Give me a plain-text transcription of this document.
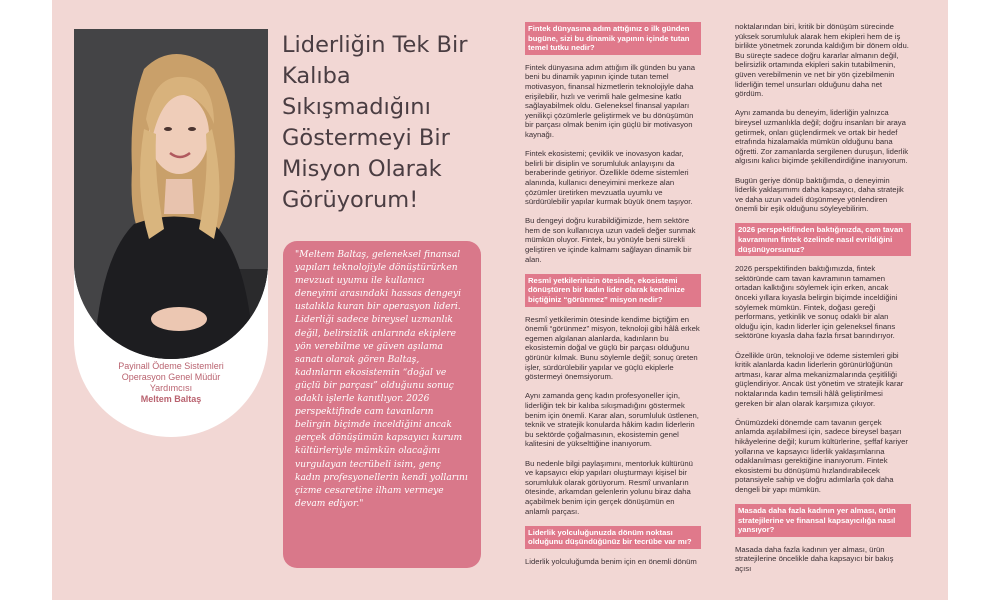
Payinall Ödeme Sistemleri Operasyon Genel Müdür Yardımcısı
Meltem Baltaş
Liderliğin Tek Bir Kalıba Sıkışmadığını Göstermeyi Bir Misyon Olarak Görüyorum!
"Meltem Baltaş, geleneksel finansal yapıları teknolojiyle dönüştürürken mevzuat uyumu ile kullanıcı deneyimi arasındaki hassas dengeyi ustalıkla kuran bir operasyon lideri. Liderliği sadece bireysel uzmanlık değil, belirsizlik anlarında ekiplere yön verebilme ve güven aşılama sanatı olarak gören Baltaş, kadınların ekosistemin “doğal ve güçlü bir parçası” olduğunu sonuç odaklı işlerle kanıtlıyor. 2026 perspektifinde cam tavanların belirgin biçimde inceldiğini ancak gerçek dönüşümün kapsayıcı kurum kültürleriyle mümkün olacağını vurgulayan tecrübeli isim, genç kadın profesyonellerin kendi yollarını çizme cesaretine ilham vermeye devam ediyor."
Fintek dünyasına adım attığınız o ilk günden bugüne, sizi bu dinamik yapının içinde tutan temel tutku nedir?

Fintek dünyasına adım attığım ilk günden bu yana beni bu dinamik yapının içinde tutan temel motivasyon, finansal hizmetlerin teknolojiyle daha erişilebilir, hızlı ve verimli hale gelmesine katkı sağlayabilmek oldu. Geleneksel finansal yapıları yenilikçi çözümlerle geliştirmek ve bu dönüşümün bir parçası olmak benim için güçlü bir motivasyon kaynağı.

Fintek ekosistemi; çeviklik ve inovasyon kadar, belirli bir disiplin ve sorumluluk anlayışını da beraberinde getiriyor. Özellikle ödeme sistemleri alanında, kullanıcı deneyimini merkeze alan çözümler üretirken mevzuatla uyumlu ve sürdürülebilir yapılar kurmak büyük önem taşıyor.

Bu dengeyi doğru kurabildiğimizde, hem sektöre hem de son kullanıcıya uzun vadeli değer sunmak mümkün oluyor. Fintek, bu yönüyle beni sürekli geliştiren ve içinde kalmamı sağlayan dinamik bir alan.

Resmî yetkilerinizin ötesinde, ekosistemi dönüştüren bir kadın lider olarak kendinize biçtiğiniz “görünmez” misyon nedir?

Resmî yetkilerimin ötesinde kendime biçtiğim en önemli “görünmez” misyon, teknoloji gibi hâlâ erkek egemen algılanan alanlarda, kadınların bu ekosistemin doğal ve güçlü bir parçası olduğunu görünür kılmak. Bunu söylemle değil; sonuç üreten işler, sürdürülebilir yapılar ve güçlü ekiplerle göstermeyi önemsiyorum.

Aynı zamanda genç kadın profesyoneller için, liderliğin tek bir kalıba sıkışmadığını göstermek benim için önemli. Karar alan, sorumluluk üstlenen, teknik ve stratejik konularda hâkim kadın liderlerin bu sektörde çoğalmasının, ekosistemin genel kalitesini de yükselttiğine inanıyorum.

Bu nedenle bilgi paylaşımını, mentorluk kültürünü ve kapsayıcı ekip yapıları oluşturmayı kişisel bir sorumluluk olarak görüyorum. Resmî unvanların ötesinde, arkamdan gelenlerin yolunu biraz daha açabilmek benim için gerçek dönüşümün en anlamlı parçası.

Liderlik yolculuğunuzda dönüm noktası olduğunu düşündüğünüz bir tecrübe var mı?

Liderlik yolculuğumda benim için en önemli dönüm

noktalarından biri, kritik bir dönüşüm sürecinde yüksek sorumluluk alarak hem ekipleri hem de iş birlikte yönetmek zorunda kaldığım bir dönem oldu. Bu süreçte sadece doğru kararlar almanın değil, belirsizlik ortamında ekipleri sakin tutabilmenin, güven verebilmenin ve net bir yön çizebilmenin liderliğin temel unsurları olduğunu daha net gördüm.

Aynı zamanda bu deneyim, liderliğin yalnızca bireysel uzmanlıkla değil; doğru insanları bir araya getirmek, onları güçlendirmek ve ortak bir hedef etrafında hizalamakla mümkün olduğunu bana öğretti. Zor zamanlarda sergilenen duruşun, liderlik algısını kalıcı biçimde şekillendirdiğine inanıyorum.

Bugün geriye dönüp baktığımda, o deneyimin liderlik yaklaşımımı daha kapsayıcı, daha stratejik ve daha uzun vadeli düşünmeye yönlendiren önemli bir eşik olduğunu söyleyebilirim.

2026 perspektifinden baktığınızda, cam tavan kavramının fintek özelinde nasıl evrildiğini düşünüyorsunuz?

2026 perspektifinden baktığımızda, fintek sektöründe cam tavan kavramının tamamen ortadan kalktığını söylemek için erken, ancak önceki yıllara kıyasla belirgin biçimde inceldiğini söylemek mümkün. Fintek, doğası gereği performans, yetkinlik ve sonuç odaklı bir alan olduğu için, kadın liderler için geleneksel finans sektörüne kıyasla daha fazla fırsat barındırıyor.

Özellikle ürün, teknoloji ve ödeme sistemleri gibi kritik alanlarda kadın liderlerin görünürlüğünün artması, karar alma mekanizmalarında çeşitliliği güçlendiriyor. Ancak üst yönetim ve stratejik karar noktalarında kadın temsili hâlâ geliştirilmesi gereken bir alan olarak karşımıza çıkıyor.

Önümüzdeki dönemde cam tavanın gerçek anlamda aşılabilmesi için, sadece bireysel başarı hikâyelerine değil; kurum kültürlerine, şeffaf kariyer yollarına ve kapsayıcı liderlik yaklaşımlarına odaklanılması gerektiğine inanıyorum. Fintek ekosistemi bu dönüşümü hızlandırabilecek potansiyele sahip ve doğru adımlarla çok daha dengeli bir yapı mümkün.

Masada daha fazla kadının yer alması, ürün stratejilerine ve finansal kapsayıcılığa nasıl yansıyor?

Masada daha fazla kadının yer alması, ürün stratejilerine öncelikle daha kapsayıcı bir bakış açısı
